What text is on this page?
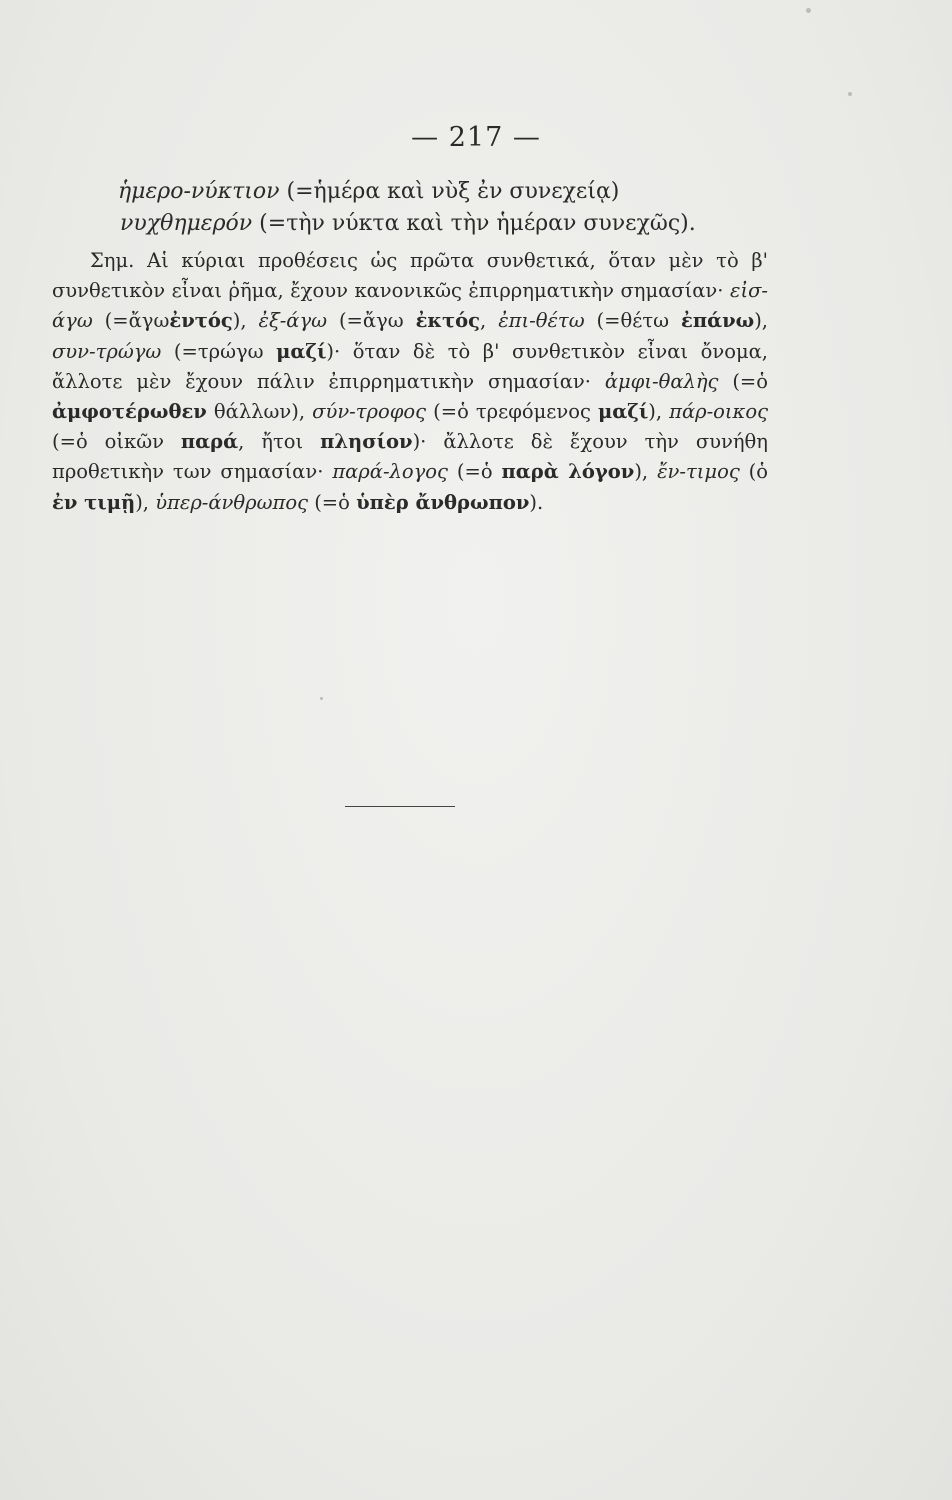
— 217 —
ἡμερο-νύκτιον (=ἡμέρα καὶ νὺξ ἐν συνεχείᾳ)
νυχθημερόν (=τὴν νύκτα καὶ τὴν ἡμέραν συνεχῶς).

Σημ. Αἱ κύριαι προθέσεις ὡς πρῶτα συνθετικά, ὅταν μὲν τὸ β' συνθετικὸν εἶναι ῥῆμα, ἔχουν κανονικῶς ἐπιρρηματικὴν σημασίαν· εἰσ-άγω (=ἄγωἐντός), ἐξ-άγω (=ἄγω ἐκτός, ἐπι-θέτω (=θέτω ἐπάνω), συν-τρώγω (=τρώγω μαζί)· ὅταν δὲ τὸ β' συνθετικὸν εἶναι ὄνομα, ἄλλοτε μὲν ἔχουν πάλιν ἐπιρρηματικὴν σημασίαν· ἀμφι-θαλὴς (=ὁ ἀμφοτέρωθεν θάλλων), σύν-τροφος (=ὁ τρεφόμενος μαζί), πάρ-οικος (=ὁ οἰκῶν παρά, ἤτοι πλησίον)· ἄλλοτε δὲ ἔχουν τὴν συνήθη προθετικὴν των σημασίαν· παρά-λογος (=ὁ παρὰ λόγον), ἔν-τιμος (ὁ ἐν τιμῇ), ὑπερ-άνθρωπος (=ὁ ὑπὲρ ἄνθρωπον).
